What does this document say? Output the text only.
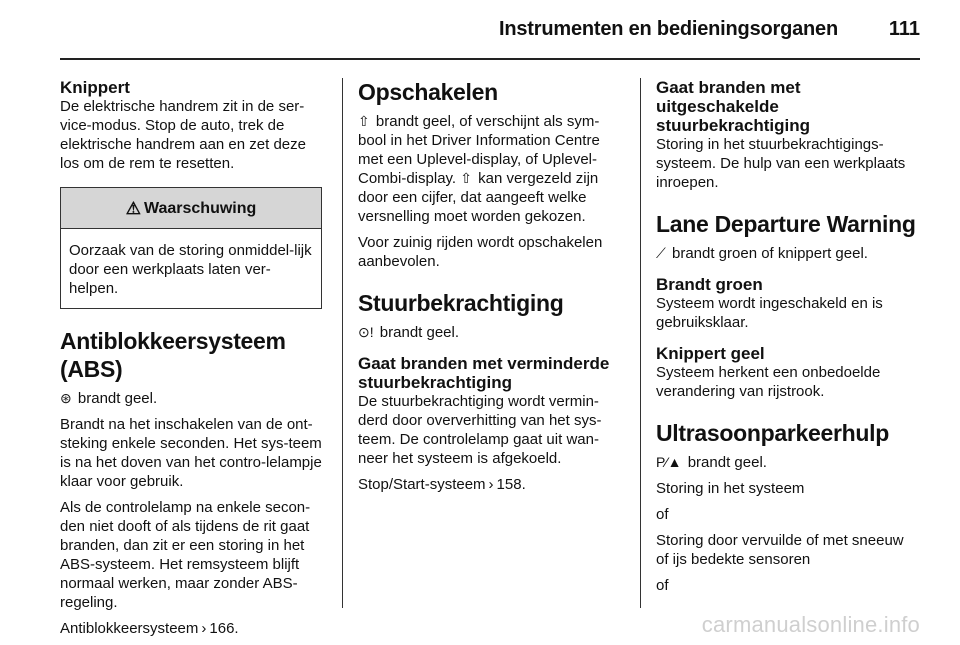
Instrumenten en bedieningsorganen	111
Knippert

De elektrische handrem zit in de ser-vice-modus. Stop de auto, trek de elektrische handrem aan en zet deze los om de rem te resetten.

⚠ Waarschuwing
Oorzaak van de storing onmiddel-lijk door een werkplaats laten ver-helpen.
Antiblokkeersysteem (ABS)

⊛ brandt geel.

Brandt na het inschakelen van de ont-steking enkele seconden. Het sys-teem is na het doven van het contro-lelampje klaar voor gebruik.

Als de controlelamp na enkele secon-den niet dooft of als tijdens de rit gaat branden, dan zit er een storing in het ABS-systeem. Het remsysteem blijft normaal werken, maar zonder ABS-regeling.

Antiblokkeersysteem › 166.

Opschakelen

⇧ brandt geel, of verschijnt als sym-bool in het Driver Information Centre met een Uplevel-display, of Uplevel-Combi-display. ⇧ kan vergezeld zijn door een cijfer, dat aangeeft welke versnelling moet worden gekozen.

Voor zuinig rijden wordt opschakelen aanbevolen.

Stuurbekrachtiging

⊙! brandt geel.

Gaat branden met verminderde stuurbekrachtiging

De stuurbekrachtiging wordt vermin-derd door oververhitting van het sys-teem. De controlelamp gaat uit wan-neer het systeem is afgekoeld.

Stop/Start-systeem › 158.

Gaat branden met uitgeschakelde stuurbekrachtiging

Storing in het stuurbekrachtigings-systeem. De hulp van een werkplaats inroepen.

Lane Departure Warning

⟋ brandt groen of knippert geel.

Brandt groen

Systeem wordt ingeschakeld en is gebruiksklaar.

Knippert geel

Systeem herkent een onbedoelde verandering van rijstrook.

Ultrasoonparkeerhulp

P⁄▲ brandt geel.

Storing in het systeem

of

Storing door vervuilde of met sneeuw of ijs bedekte sensoren

of

carmanualsonline.info
